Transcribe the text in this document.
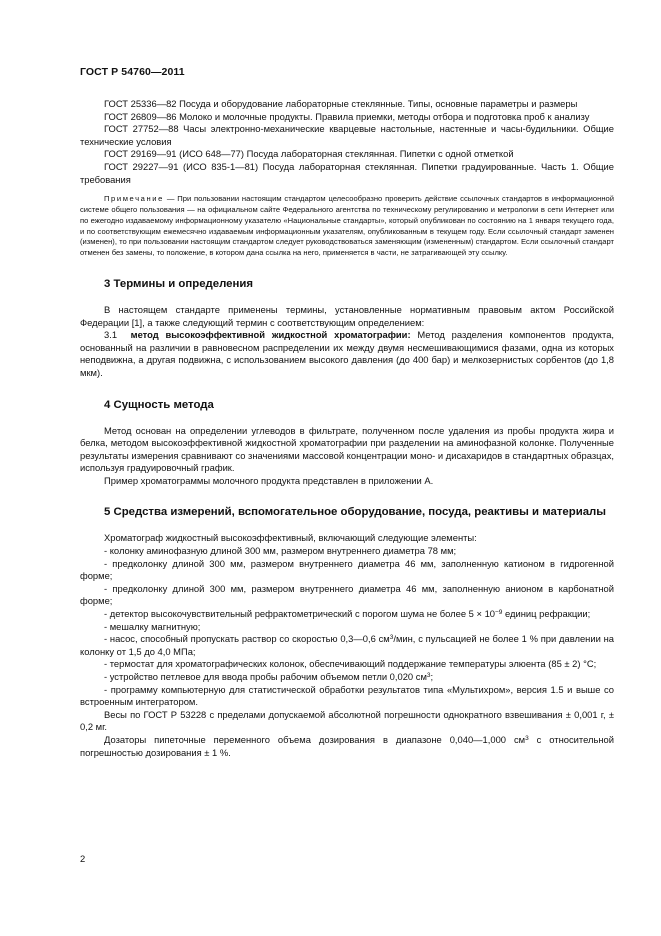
ГОСТ Р 54760—2011

ГОСТ 25336—82 Посуда и оборудование лабораторные стеклянные. Типы, основные параметры и размеры

ГОСТ 26809—86 Молоко и молочные продукты. Правила приемки, методы отбора и подготовка проб к анализу

ГОСТ 27752—88 Часы электронно-механические кварцевые настольные, настенные и часы-будильники. Общие технические условия

ГОСТ 29169—91 (ИСО 648—77) Посуда лабораторная стеклянная. Пипетки с одной отметкой

ГОСТ 29227—91 (ИСО 835-1—81) Посуда лабораторная стеклянная. Пипетки градуированные. Часть 1. Общие требования

Примечание — При пользовании настоящим стандартом целесообразно проверить действие ссылочных стандартов в информационной системе общего пользования — на официальном сайте Федерального агентства по техническому регулированию и метрологии в сети Интернет или по ежегодно издаваемому информационному указателю «Национальные стандарты», который опубликован по состоянию на 1 января текущего года, и по соответствующим ежемесячно издаваемым информационным указателям, опубликованным в текущем году. Если ссылочный стандарт заменен (изменен), то при пользовании настоящим стандартом следует руководствоваться заменяющим (измененным) стандартом. Если ссылочный стандарт отменен без замены, то положение, в котором дана ссылка на него, применяется в части, не затрагивающей эту ссылку.

3 Термины и определения

В настоящем стандарте применены термины, установленные нормативным правовым актом Российской Федерации [1], а также следующий термин с соответствующим определением:

3.1 метод высокоэффективной жидкостной хроматографии: Метод разделения компонентов продукта, основанный на различии в равновесном распределении их между двумя несмешивающимися фазами, одна из которых неподвижна, а другая подвижна, с использованием высокого давления (до 400 бар) и мелкозернистых сорбентов (до 1,8 мкм).

4 Сущность метода

Метод основан на определении углеводов в фильтрате, полученном после удаления из пробы продукта жира и белка, методом высокоэффективной жидкостной хроматографии при разделении на аминофазной колонке. Полученные результаты измерения сравнивают со значениями массовой концентрации моно- и дисахаридов в стандартных образцах, используя градуировочный график.

Пример хроматограммы молочного продукта представлен в приложении А.

5 Средства измерений, вспомогательное оборудование, посуда, реактивы и материалы

Хроматограф жидкостный высокоэффективный, включающий следующие элементы:

- колонку аминофазную длиной 300 мм, размером внутреннего диаметра 78 мм;

- предколонку длиной 300 мм, размером внутреннего диаметра 46 мм, заполненную катионом в гидрогенной форме;

- предколонку длиной 300 мм, размером внутреннего диаметра 46 мм, заполненную анионом в карбонатной форме;

- детектор высокочувствительный рефрактометрический с порогом шума не более $5 \times 10^{-9}$ единиц рефракции;

- мешалку магнитную;

- насос, способный пропускать раствор со скоростью 0,3—0,6 $см^3$/мин, с пульсацией не более 1 % при давлении на колонку от 1,5 до 4,0 МПа;

- термостат для хроматографических колонок, обеспечивающий поддержание температуры элюента (85 ± 2) °С;

- устройство петлевое для ввода пробы рабочим объемом петли 0,020 $см^3$;

- программу компьютерную для статистической обработки результатов типа «Мультихром», версия 1.5 и выше со встроенным интегратором.

Весы по ГОСТ Р 53228 с пределами допускаемой абсолютной погрешности однократного взвешивания ± 0,001 г, ± 0,2 мг.

Дозаторы пипеточные переменного объема дозирования в диапазоне 0,040—1,000 $см^3$ с относительной погрешностью дозирования ± 1 %.

2
